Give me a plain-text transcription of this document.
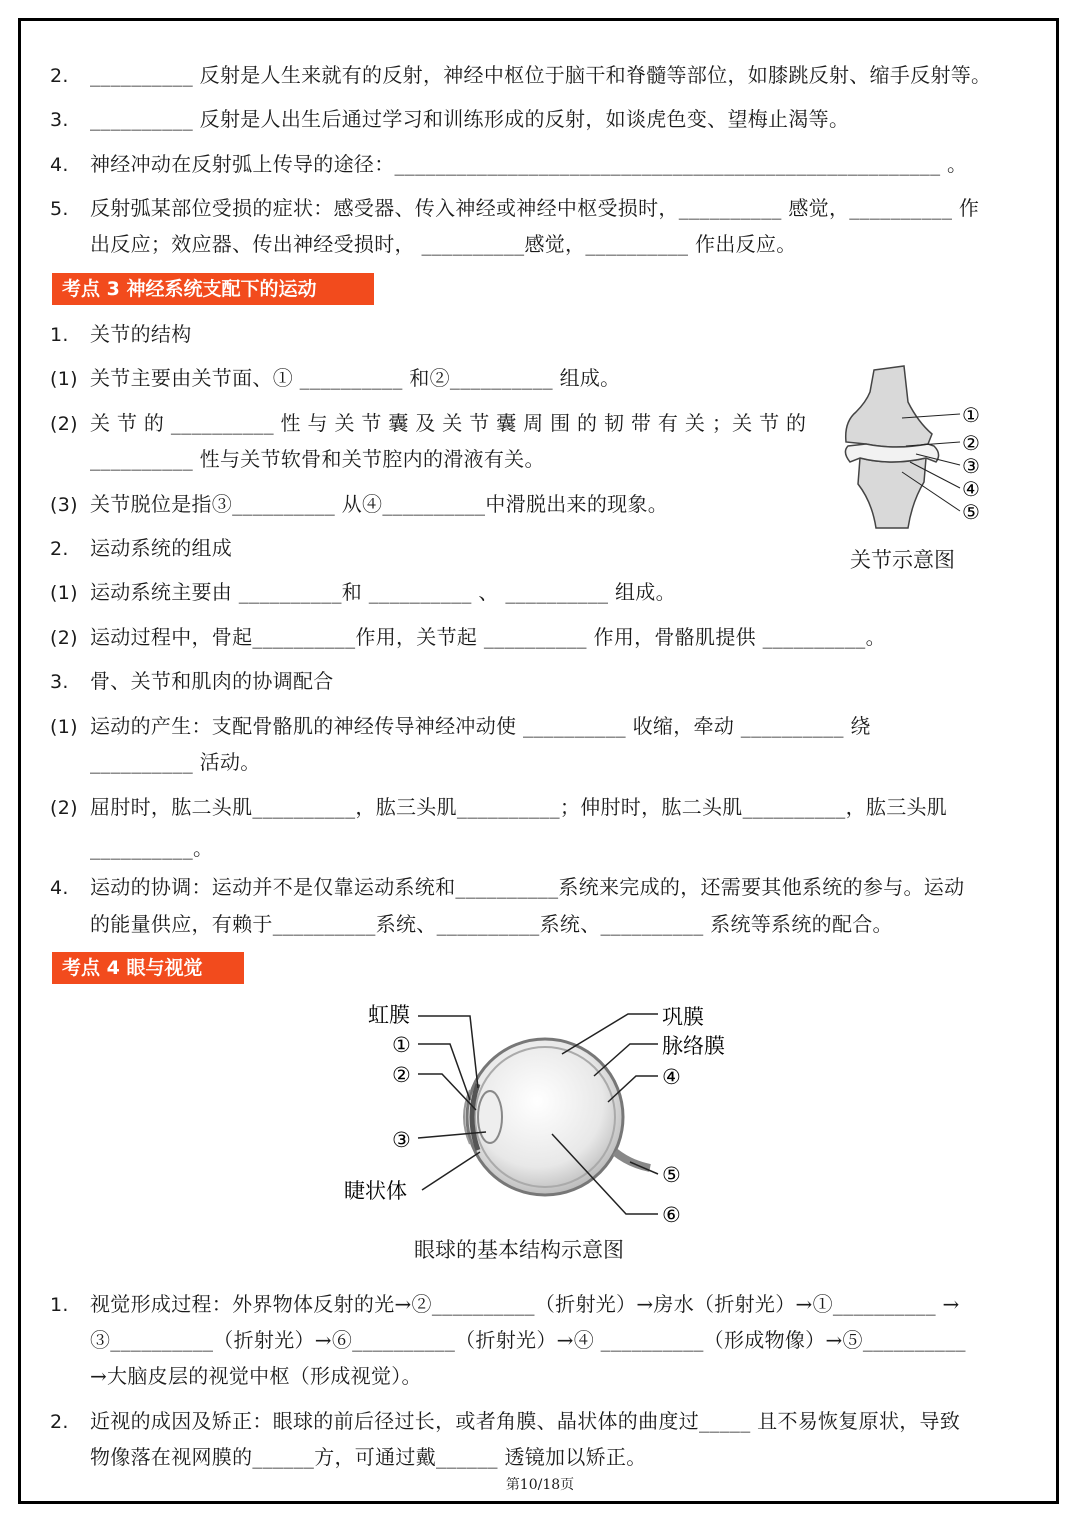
2. __________ 反射是人生来就有的反射，神经中枢位于脑干和脊髓等部位，如膝跳反射、缩手反射等。
3. __________ 反射是人出生后通过学习和训练形成的反射，如谈虎色变、望梅止渴等。
4. 神经冲动在反射弧上传导的途径：_____________________________________________________ 。
5. 反射弧某部位受损的症状：感受器、传入神经或神经中枢受损时，__________ 感觉，__________ 作
出反应；效应器、传出神经受损时， __________感觉，__________ 作出反应。
考点 3 神经系统支配下的运动
1. 关节的结构
(1) 关节主要由关节面、① __________ 和②__________ 组成。
(2) 关 节 的 __________ 性 与 关 节 囊 及 关 节 囊 周 围 的 韧 带 有 关 ；关 节 的
__________ 性与关节软骨和关节腔内的滑液有关。
(3) 关节脱位是指③__________ 从④__________中滑脱出来的现象。
①
②
③
④
⑤
关节示意图
2. 运动系统的组成
(1) 运动系统主要由 __________和 __________ 、 __________ 组成。
(2) 运动过程中，骨起__________作用，关节起 __________ 作用，骨骼肌提供 __________。
3. 骨、关节和肌肉的协调配合
(1) 运动的产生：支配骨骼肌的神经传导神经冲动使 __________ 收缩，牵动 __________ 绕
__________ 活动。
(2) 屈肘时，肱二头肌__________，肱三头肌__________；伸肘时，肱二头肌__________，肱三头肌
__________。
4. 运动的协调：运动并不是仅靠运动系统和__________系统来完成的，还需要其他系统的参与。运动
的能量供应，有赖于__________系统、__________系统、__________ 系统等系统的配合。
考点 4 眼与视觉
虹膜
①
②
③
睫状体
巩膜
脉络膜
④
⑤
⑥
眼球的基本结构示意图
1. 视觉形成过程：外界物体反射的光→②__________（折射光）→房水（折射光）→①__________ →
③__________（折射光）→⑥__________（折射光）→④ __________（形成物像）→⑤__________
→大脑皮层的视觉中枢（形成视觉）。
2. 近视的成因及矫正：眼球的前后径过长，或者角膜、晶状体的曲度过_____ 且不易恢复原状，导致
物像落在视网膜的______方，可通过戴______ 透镜加以矫正。
第10/18页
